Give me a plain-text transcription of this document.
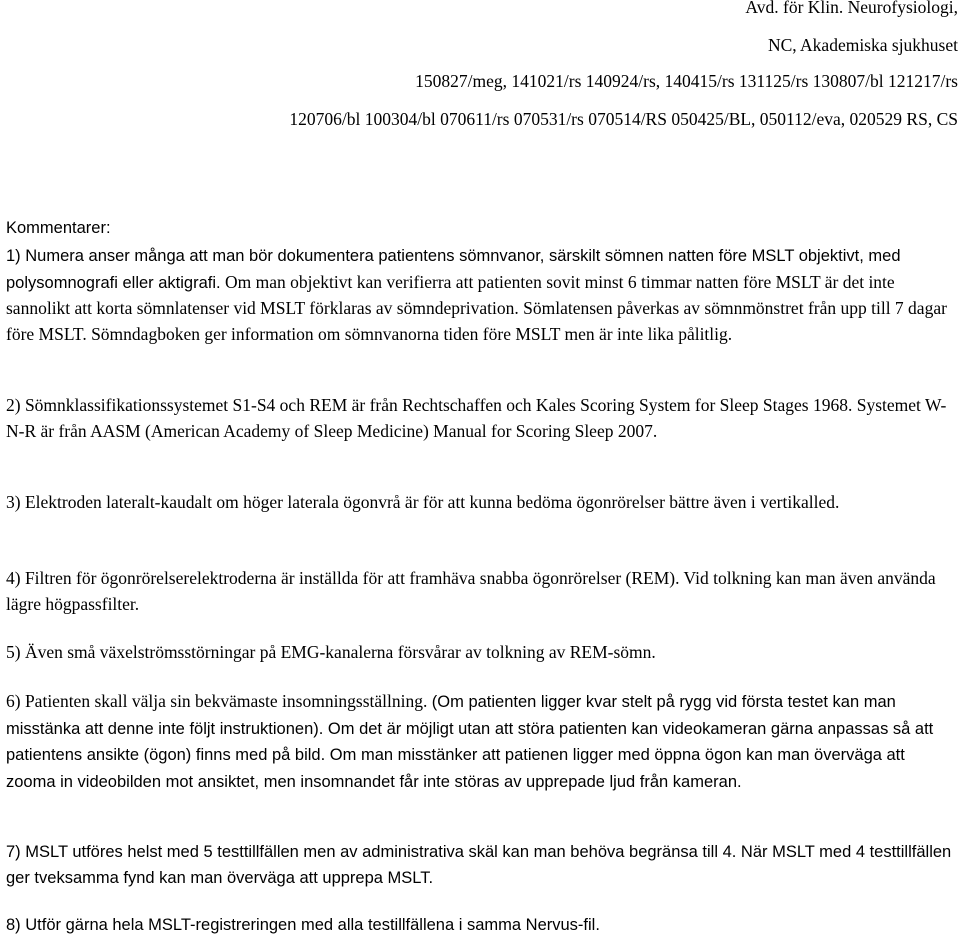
Avd. för Klin. Neurofysiologi,
NC, Akademiska sjukhuset
150827/meg, 141021/rs 140924/rs, 140415/rs 131125/rs 130807/bl 121217/rs
120706/bl 100304/bl 070611/rs 070531/rs 070514/RS 050425/BL, 050112/eva, 020529 RS, CS
Kommentarer:
1) Numera anser många att man bör dokumentera patientens sömnvanor, särskilt sömnen natten före MSLT objektivt, med polysomnografi eller aktigrafi. Om man objektivt kan verifierra att patienten sovit minst 6 timmar natten före MSLT är det inte sannolikt att korta sömnlatenser vid MSLT förklaras av sömndeprivation. Sömlatensen påverkas av sömnmönstret från upp till 7 dagar före MSLT. Sömndagboken ger information om sömnvanorna tiden före MSLT men är inte lika pålitlig.
2) Sömnklassifikationssystemet S1-S4 och REM är från Rechtschaffen och Kales Scoring System for Sleep Stages 1968. Systemet W-N-R är från AASM (American Academy of Sleep Medicine) Manual for Scoring Sleep 2007.
3) Elektroden lateralt-kaudalt om höger laterala ögonvrå är för att kunna bedöma ögonrörelser bättre även i vertikalled.
4) Filtren för ögonrörelserelektroderna är inställda för att framhäva snabba ögonrörelser (REM). Vid tolkning kan man även använda lägre högpassfilter.
5) Även små växelströmsstörningar på EMG-kanalerna försvårar av tolkning av REM-sömn.
6) Patienten skall välja sin bekvämaste insomningsställning. (Om patienten ligger kvar stelt på rygg vid första testet kan man misstänka att denne inte följt instruktionen). Om det är möjligt utan att störa patienten kan videokameran gärna anpassas så att patientens ansikte (ögon) finns med på bild. Om man misstänker att patienen ligger med öppna ögon kan man överväga att zooma in videobilden mot ansiktet, men insomnandet får inte störas av upprepade ljud från kameran.
7) MSLT utföres helst med 5 testtillfällen men av administrativa skäl kan man behöva begränsa till 4. När MSLT med 4 testtillfällen ger tveksamma fynd kan man överväga att upprepa MSLT.
8) Utför gärna hela MSLT-registreringen med alla testillfällena i samma Nervus-fil.
